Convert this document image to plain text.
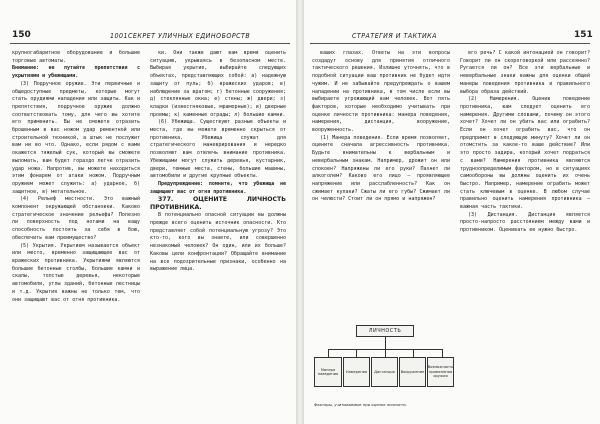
150	1001 СЕКРЕТ УЛИЧНЫХ ЕДИНОБОРСТВ

крупногабаритное оборудование и большие торговые автоматы.

Внимание: не путайте препятствия с укрытиями и убежищами.

(3) Подручное оружие. Эти первичные и общедоступные предметы, которые могут стать орудиями нападения или защиты. Как и препятствия, подручное оружие должно соответствовать тому, для чего вы хотите его применить. Вы не сможете отразить брошенным в вас ножом удар ремонтной или строительной техникой, а штык не послужит вам ни во что. Однако, если рядом с вами окажется тяжелый сук, который вы сможете выломать, вам будет гораздо легче отразить удар ножа. Напротив, вы можете находиться этим фонарем от атаки ножом. Подручным оружием может служить: а) ударное, б) защитное, в) метательное.

(4) Рельеф местности. Это важный компонент окружающей обстановки. Каково стратегическое значение рельефа? Полезно ли поверхность под ногами на ващу способность постоять за себя в бою, обеспечить вам преимущество?

(5) Укрытия. Укрытием называется объект или место, временно защищающее вас от вражеских противника. Укрытиями являются большие бетонные столбы, большие камни и скалы, толстые деревья, некоторые автомобили, углы зданий, бетонные лестницы и т.д. Укрытия важны не только тем, что они защищают вас от огня противника.

ки. Они также дают вам время оценить ситуацию, укрываясь в безопасном месте. Выбирая укрытие, выбирайте следующих объектах, представляющих собой: а) надежную защиту от пуль; б) вражеских ударов; в) наблюдение за врагом; г) бетонные сооружения; д) стеклянные окна; е) стены; ж) двери; з) кладки (известняковые, мраморные); и) дверные проемы; к) каменные ограды; л) большие камни.

(6) Убежища. Существуют разные объекты и места, где вы можете временно скрыться от противника. Убежища служат для стратегического маневрирования и нередко позволяют вам отвлечь внимание противника. Убежищами могут служить деревья, кустарник, двери, темные места, стены, большие машины, автомобили и другие крупные объекты.

Предупреждение: помните, что убежища не защищают вас от огня противника.

377. ОЦЕНИТЕ ЛИЧНОСТЬ ПРОТИВНИКА.

В потенциально опасной ситуации вы должны прежде всего оценить источник опасности. Кто представляет собой потенциальную угрозу? Это кто-то, кого вы знаете, или совершенно незнакомый человек? Он один, или их больше? Каковы цели конфронтации? Обращайте внимание на все подозрительные признаки, особенно на выражение лица.

СТРАТЕГИЯ И ТАКТИКА	151

ваших глазах. Ответы на эти вопросы создадут основу для принятия отличного тактического решения. Излишне уточнять, что в подобной ситуации ваш противник не будет идти чужим. И не забывайте предупреждать о вашем нападении на противника, в том числе если вы выбираете угрожающий вам человек. Вот пять факторов, которые необходимо учитывать при оценке личности противника: манера поведения, намерения, дистанция, вооружение, вооруженность.

(1) Манера поведения. Если время позволяет, оцените сначала агрессивность противника. Будьте внимательны к вербальным и невербальным знакам. Например, дрожит он или спокоен? Напряжены ли его руки? Пахнет ли алкоголем? Каково его лицо — проявляющее напряжение или расслабленность? Как он сжимает кулаки? Сжаты ли его губы? Сжимает ли он челюсти? Стоит ли он прямо и напряжен?

его речь? С какой интонацией он говорит? Говорит ли он скороговоркой или рассеянно? Ругается ли он? Все эти вербальные и невербальные знаки важны для оценки общей манеры поведения противника и правильного выбора образа действий.

(2) Намерения. Оценив поведение противника, вам следует оценить его намерения. Другими словами, почему он этого хочет? Хочет ли он убить вас или ограбить? Если он хочет ограбить вас, что он предпримет в следующую минуту? Хочет ли он отомстить за какое-то ваше действие? Или это просто задира, который хочет подраться с вами? Намерения противника являются трудноопределимым фактором, но в ситуациях самообороны вы должны оценить их очень быстро. Например, намерение ограбить может стать ключевым в оценке. В любом случае правильно оценить намерения противника — важная часть тактики.

(3) Дистанция. Дистанция является просто-напросто расстоянием между вами и противником. Оценивать ее нужно быстро.

ЛИЧНОСТЬ
Манера поведения
Намерения	Дистанция	Вооружение
Возможность применения оружия
Факторы, учитываемые при оценке личности.
